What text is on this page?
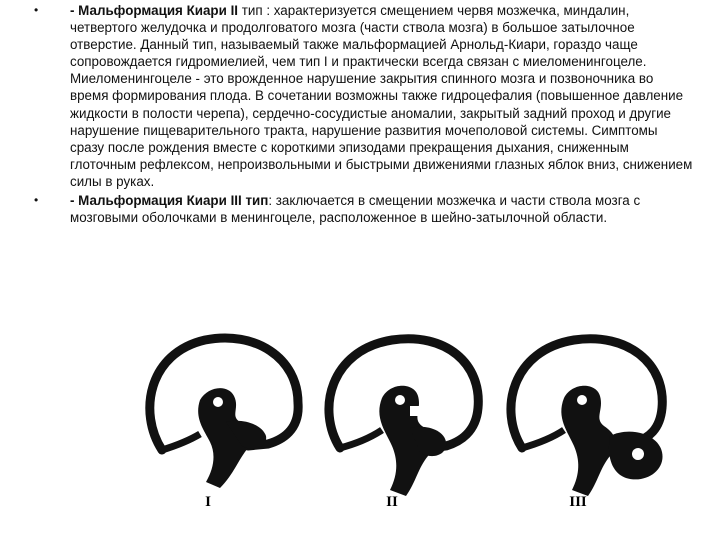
• - Мальформация Киари II тип : характеризуется смещением червя мозжечка, миндалин, четвертого желудочка и продолговатого мозга (части ствола мозга) в большое затылочное отверстие. Данный тип, называемый также мальформацией Арнольд-Киари, гораздо чаще сопровождается гидромиелией, чем тип I и практически всегда связан с миеломенингоцеле. Миеломенингоцеле - это врожденное нарушение закрытия спинного мозга и позвоночника во время формирования плода. В сочетании возможны также гидроцефалия (повышенное давление жидкости в полости черепа), сердечно-сосудистые аномалии, закрытый задний проход и другие нарушение пищеварительного тракта, нарушение развития мочеполовой системы. Симптомы сразу после рождения вместе с короткими эпизодами прекращения дыхания, сниженным глоточным рефлексом, непроизвольными и быстрыми движениями глазных яблок вниз, снижением силы в руках.
• - Мальформация Киари III тип: заключается в смещении мозжечка и части ствола мозга с мозговыми оболочками в менингоцеле, расположенное в шейно-затылочной области.
I	II	III
